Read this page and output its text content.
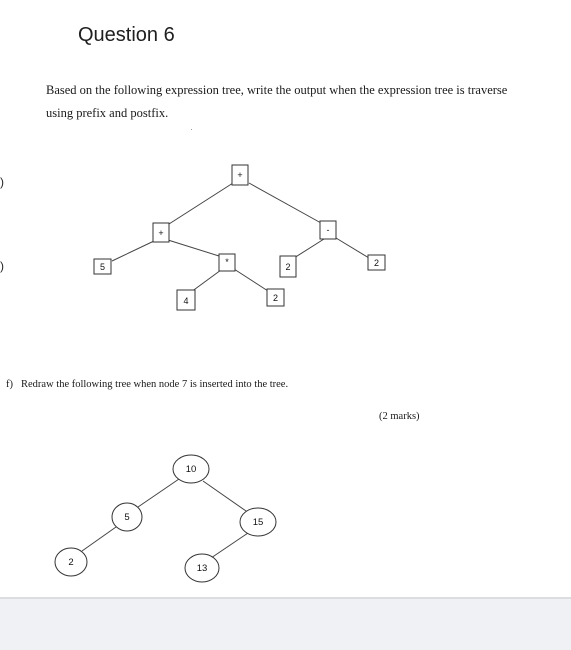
Question 6
Based on the following expression tree, write the output when the expression tree is traverse
using prefix and postfix.
)
)
+
+	-
5	*	2	2
4	2
10
5	15
2
13
f) Redraw the following tree when node 7 is inserted into the tree.
(2 marks)
